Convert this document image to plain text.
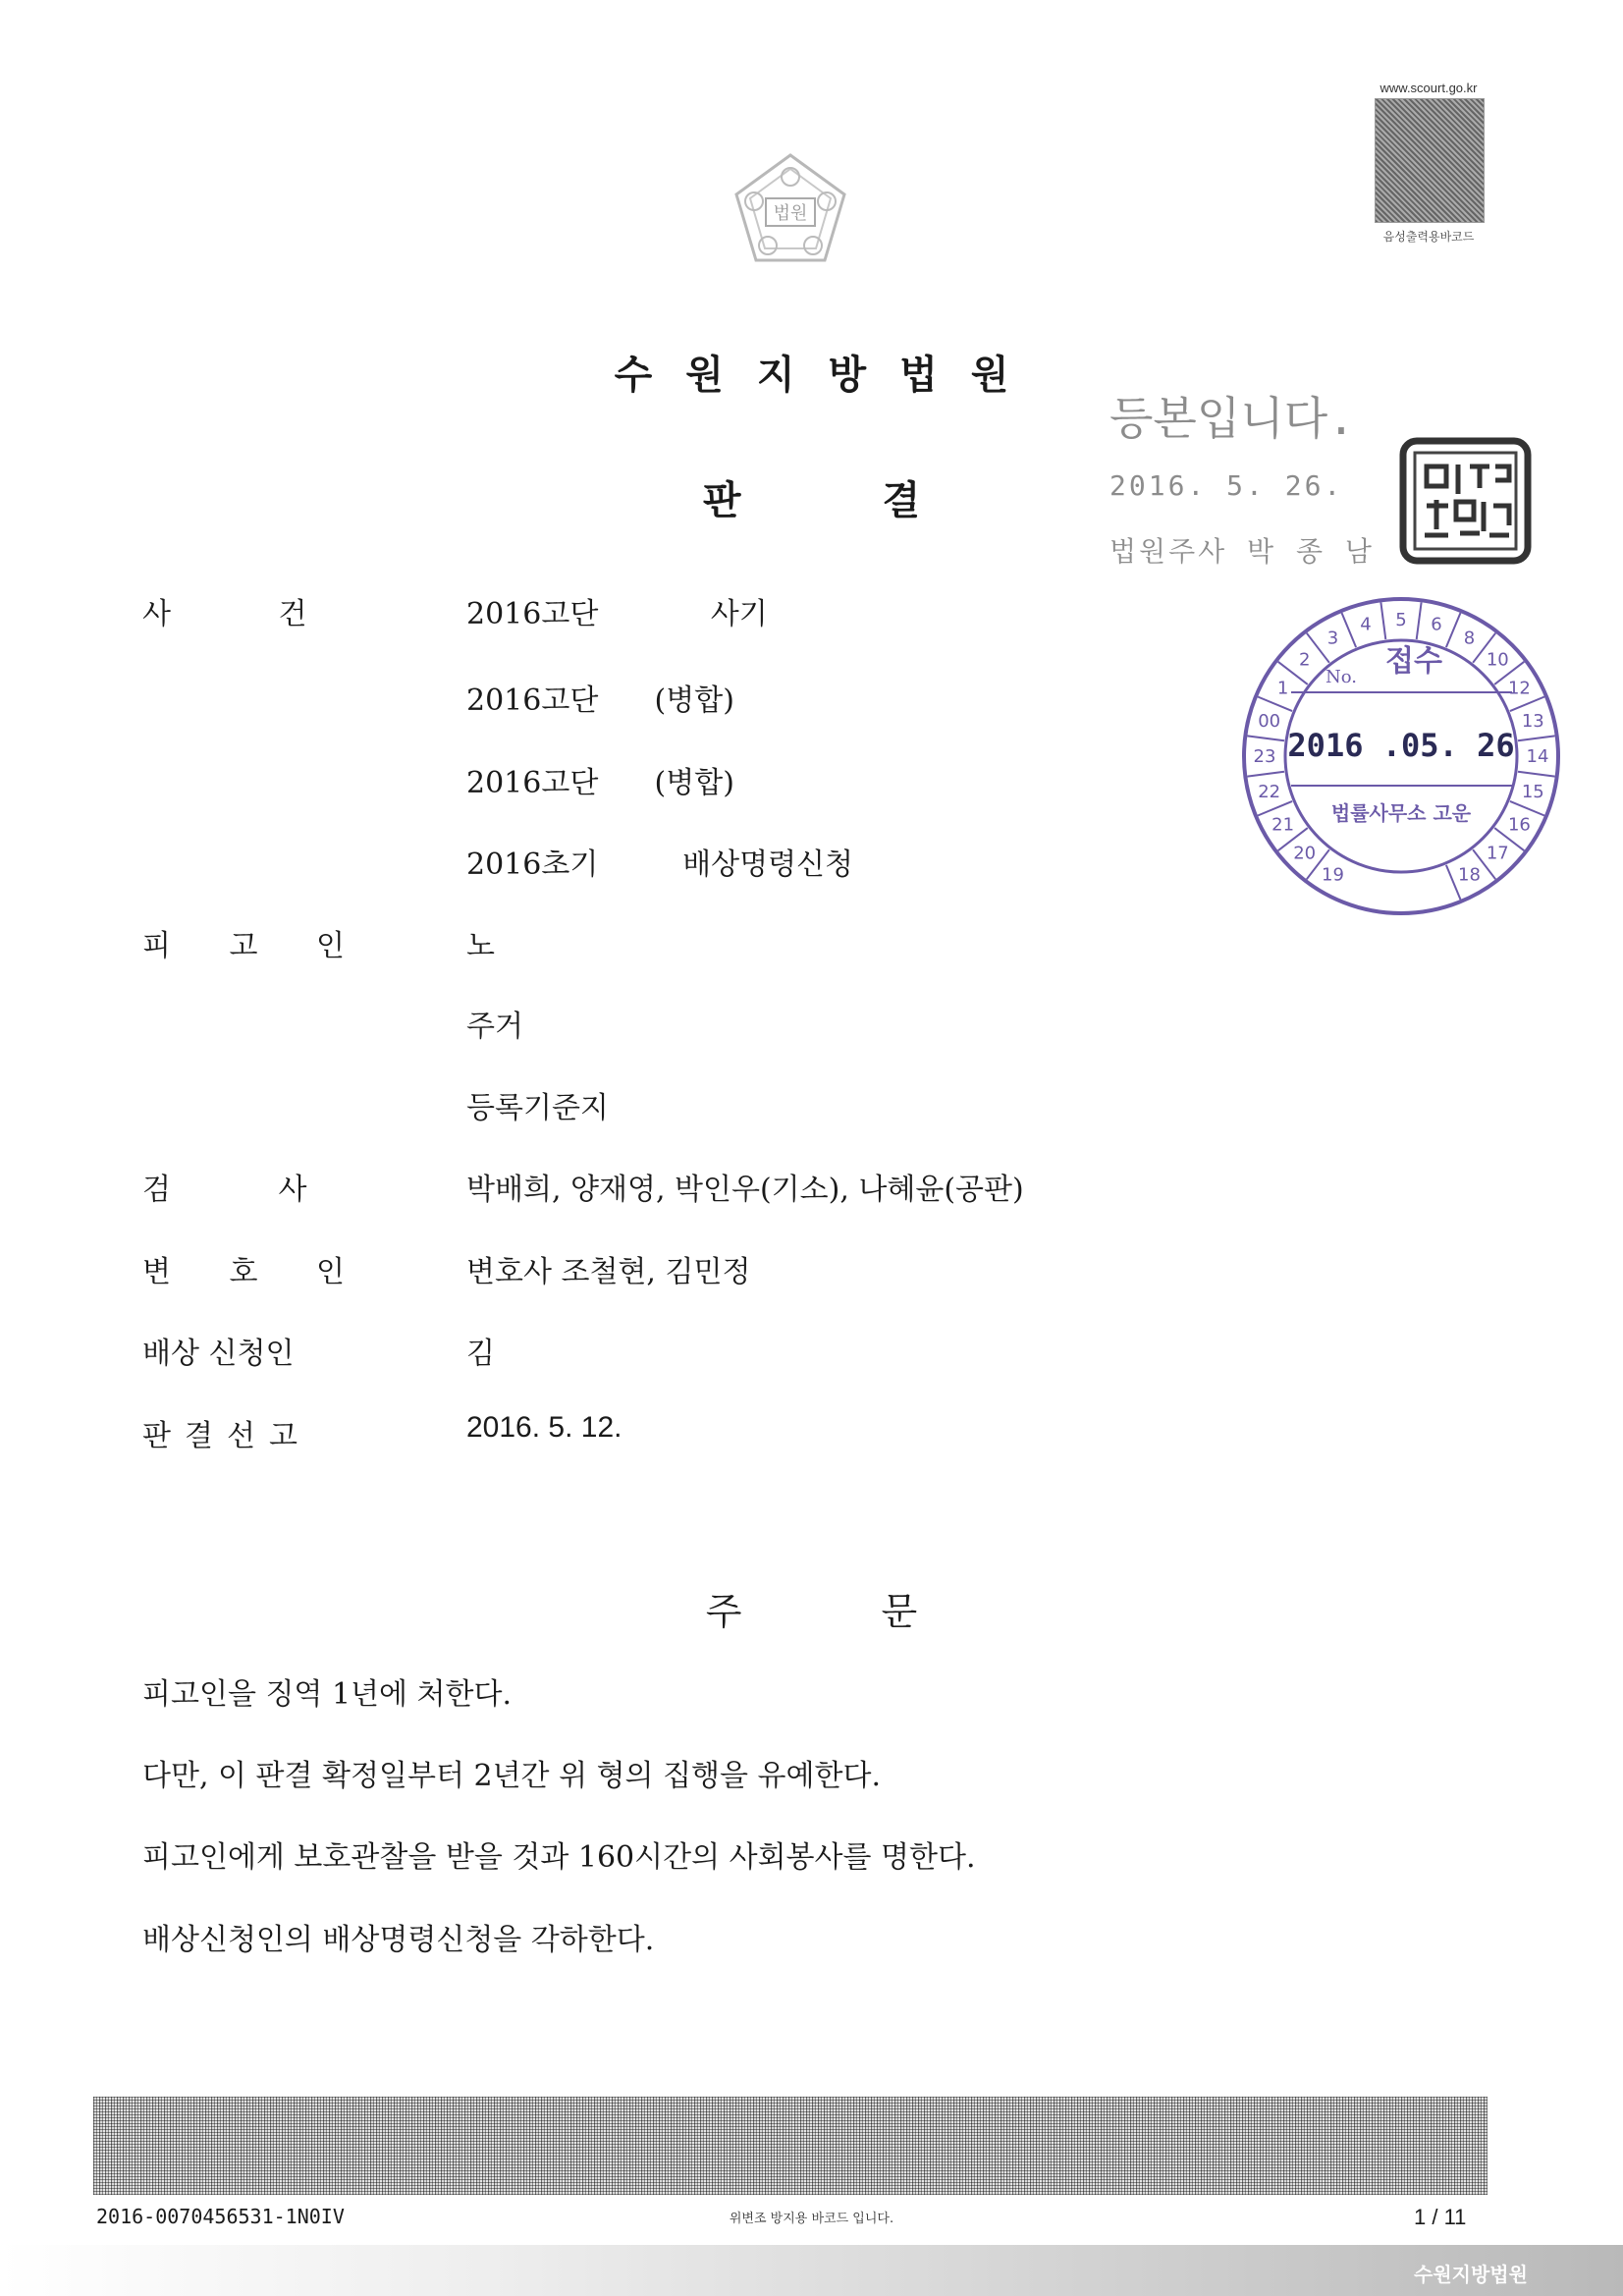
법원
www.scourt.go.kr
음성출력용바코드
수원지방법원
판 결
등본입니다.
2016. 5. 26.
법원주사 박 종 남
19
20
21
22
23
00
1
2
3
4 5 6
8
10
12
13
14
15
16
17
18
No. 접수
2016 .05. 26
법률사무소 고운
사 건	2016고단            사기
2016고단      (병합)
2016고단      (병합)
2016초기         배상명령신청
피 고 인	노
주거
등록기준지
검 사	박배희, 양재영, 박인우(기소), 나혜윤(공판)
변 호 인	변호사 조철현, 김민정
배상 신청인	김
판결선고	2016. 5. 12.
주 문
피고인을 징역 1년에 처한다.
다만, 이 판결 확정일부터 2년간 위 형의 집행을 유예한다.
피고인에게 보호관찰을 받을 것과 160시간의 사회봉사를 명한다.
배상신청인의 배상명령신청을 각하한다.
2016-0070456531-1N0IV	위변조 방지용 바코드 입니다.	1 / 11
수원지방법원
